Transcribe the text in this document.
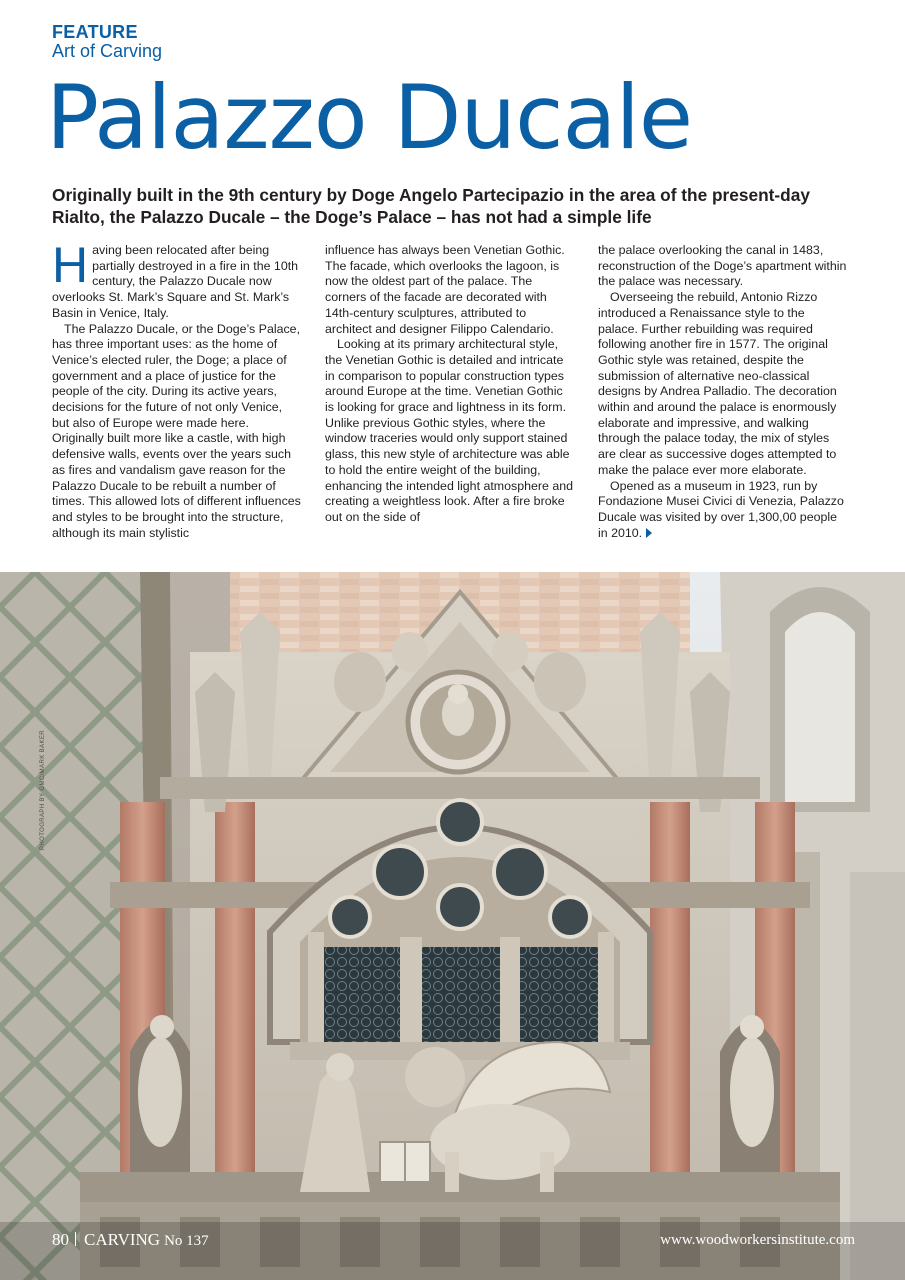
FEATURE
Art of Carving
Palazzo Ducale
Originally built in the 9th century by Doge Angelo Partecipazio in the area of the present-day Rialto, the Palazzo Ducale – the Doge’s Palace – has not had a simple life

Having been relocated after being partially destroyed in a fire in the 10th century, the Palazzo Ducale now overlooks St. Mark’s Square and St. Mark’s Basin in Venice, Italy.

The Palazzo Ducale, or the Doge’s Palace, has three important uses: as the home of Venice’s elected ruler, the Doge; a place of government and a place of justice for the people of the city. During its active years, decisions for the future of not only Venice, but also of Europe were made here. Originally built more like a castle, with high defensive walls, events over the years such as fires and vandalism gave reason for the Palazzo Ducale to be rebuilt a number of times. This allowed lots of different influences and styles to be brought into the structure, although its main stylistic

influence has always been Venetian Gothic. The facade, which overlooks the lagoon, is now the oldest part of the palace. The corners of the facade are decorated with 14th-century sculptures, attributed to architect and designer Filippo Calendario.

Looking at its primary architectural style, the Venetian Gothic is detailed and intricate in comparison to popular construction types around Europe at the time. Venetian Gothic is looking for grace and lightness in its form. Unlike previous Gothic styles, where the window traceries would only support stained glass, this new style of architecture was able to hold the entire weight of the building, enhancing the intended light atmosphere and creating a weightless look. After a fire broke out on the side of

the palace overlooking the canal in 1483, reconstruction of the Doge’s apartment within the palace was necessary.

Overseeing the rebuild, Antonio Rizzo introduced a Renaissance style to the palace. Further rebuilding was required following another fire in 1577. The original Gothic style was retained, despite the submission of alternative neo-classical designs by Andrea Palladio. The decoration within and around the palace is enormously elaborate and impressive, and walking through the palace today, the mix of styles are clear as successive doges attempted to make the palace ever more elaborate.

Opened as a museum in 1923, run by Fondazione Musei Civici di Venezia, Palazzo Ducale was visited by over 1,300,00 people in 2010.

PHOTOGRAPH BY GMC/MARK BAKER
80 CARVING No 137	www.woodworkersinstitute.com
